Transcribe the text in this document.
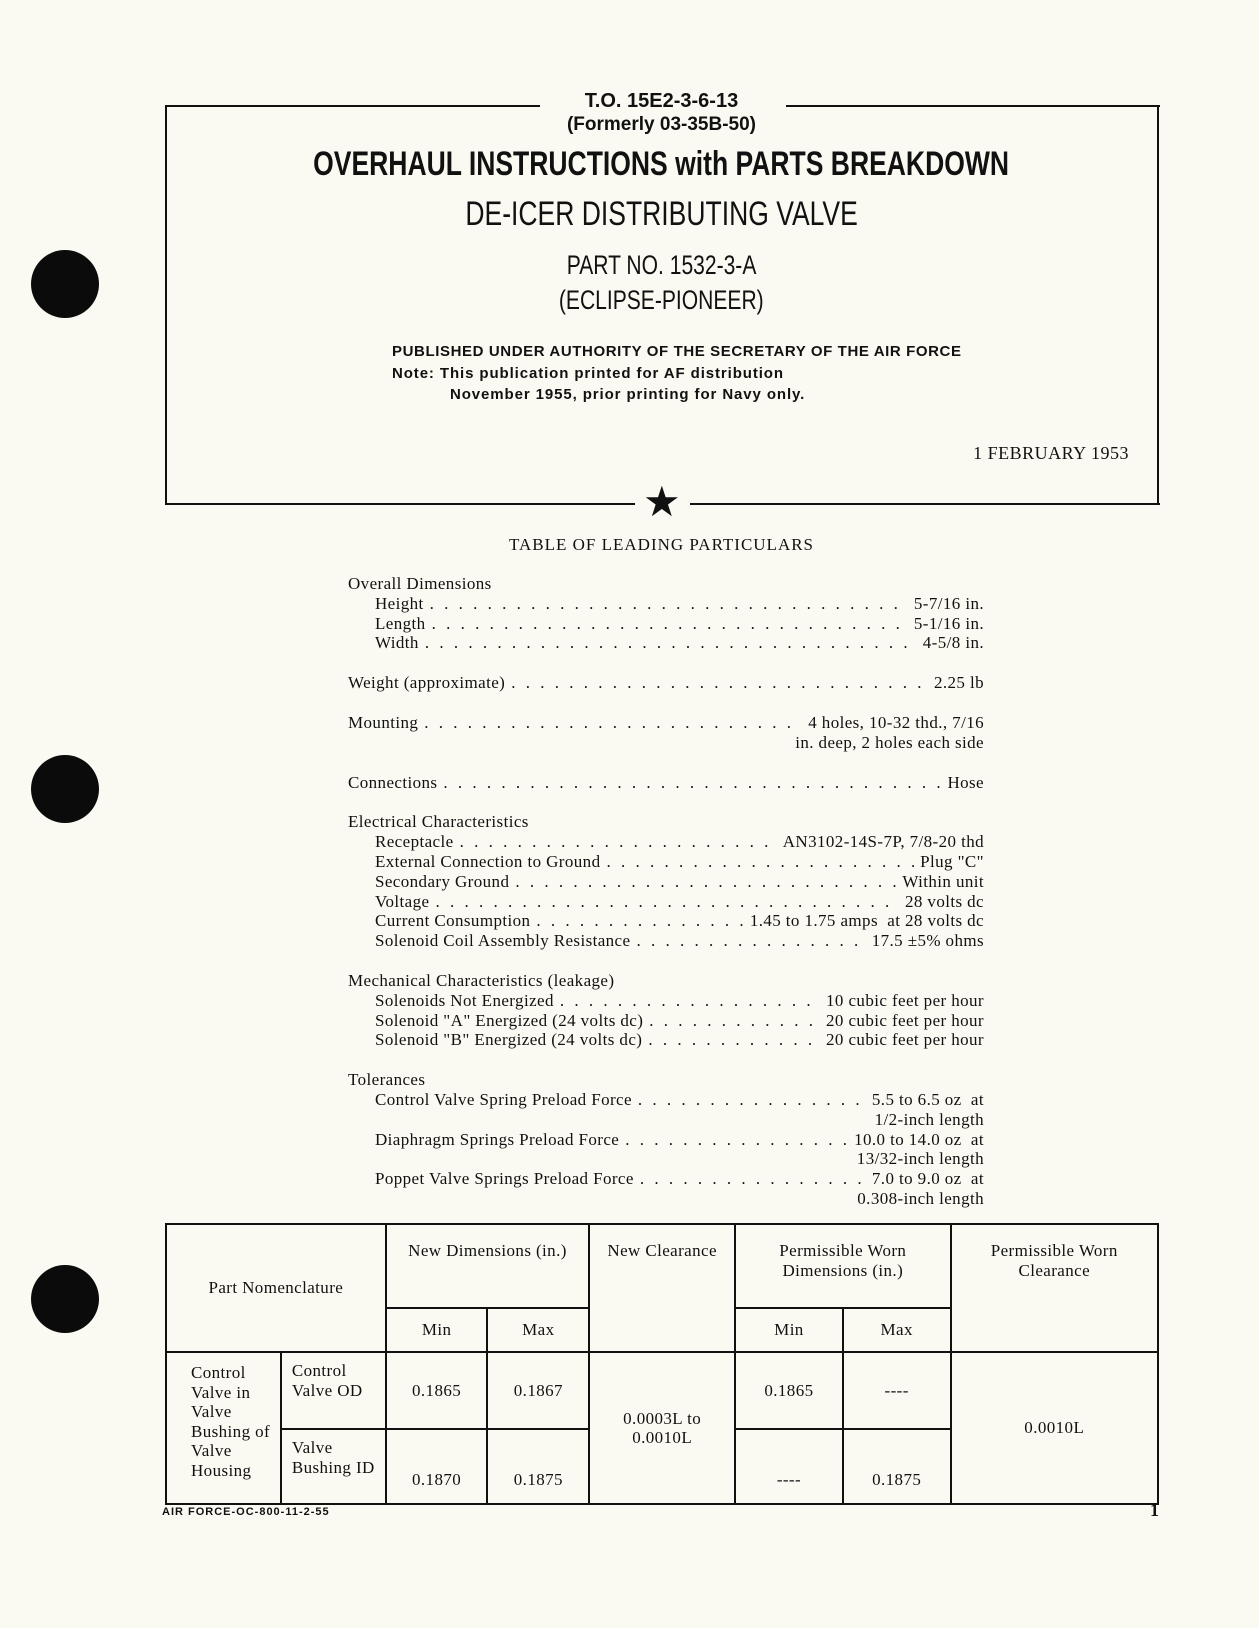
★
T.O. 15E2-3-6-13
(Formerly 03-35B-50)
OVERHAUL INSTRUCTIONS with PARTS BREAKDOWN
DE-ICER DISTRIBUTING VALVE
PART NO. 1532-3-A
(ECLIPSE-PIONEER)
PUBLISHED UNDER AUTHORITY OF THE SECRETARY OF THE AIR FORCE
Note: This publication printed for AF distribution
November 1955, prior printing for Navy only.
1 FEBRUARY 1953
TABLE OF LEADING PARTICULARS
Overall Dimensions
Height . . .	5-7/16 in.
Length . . .	5-1/16 in.
Width . . .	4-5/8 in.
Weight (approximate) . . .	2.25 lb
Mounting . . .	4 holes, 10-32 thd., 7/16
in. deep, 2 holes each side
Connections . . .	Hose
Electrical Characteristics
Receptacle . . .	AN3102-14S-7P, 7/8-20 thd
External Connection to Ground . . .	Plug "C"
Secondary Ground . . .	Within unit
Voltage . . .	28 volts dc
Current Consumption . . .	1.45 to 1.75 amps  at 28 volts dc
Solenoid Coil Assembly Resistance . . .	17.5 ±5% ohms
Mechanical Characteristics (leakage)
Solenoids Not Energized . . .	10 cubic feet per hour
Solenoid "A" Energized (24 volts dc) . . .	20 cubic feet per hour
Solenoid "B" Energized (24 volts dc) . . .	20 cubic feet per hour
Tolerances
Control Valve Spring Preload Force . . .	5.5 to 6.5 oz  at
1/2-inch length
Diaphragm Springs Preload Force . . .	10.0 to 14.0 oz  at
13/32-inch length
Poppet Valve Springs Preload Force . . .	7.0 to 9.0 oz  at
0.308-inch length
Part Nomenclature		New Dimensions (in.)		New Clearance	Permissible Worn Dimensions (in.)		Permissible Worn Clearance
		Min	Max		Min	Max	
Control Valve in Valve Bushing of Valve Housing	Control Valve OD	0.1865	0.1867	0.0003L to 0.0010L	0.1865	----	0.0010L
	Valve Bushing ID	0.1870	0.1875		----	0.1875	
AIR FORCE-OC-800-11-2-55	1
